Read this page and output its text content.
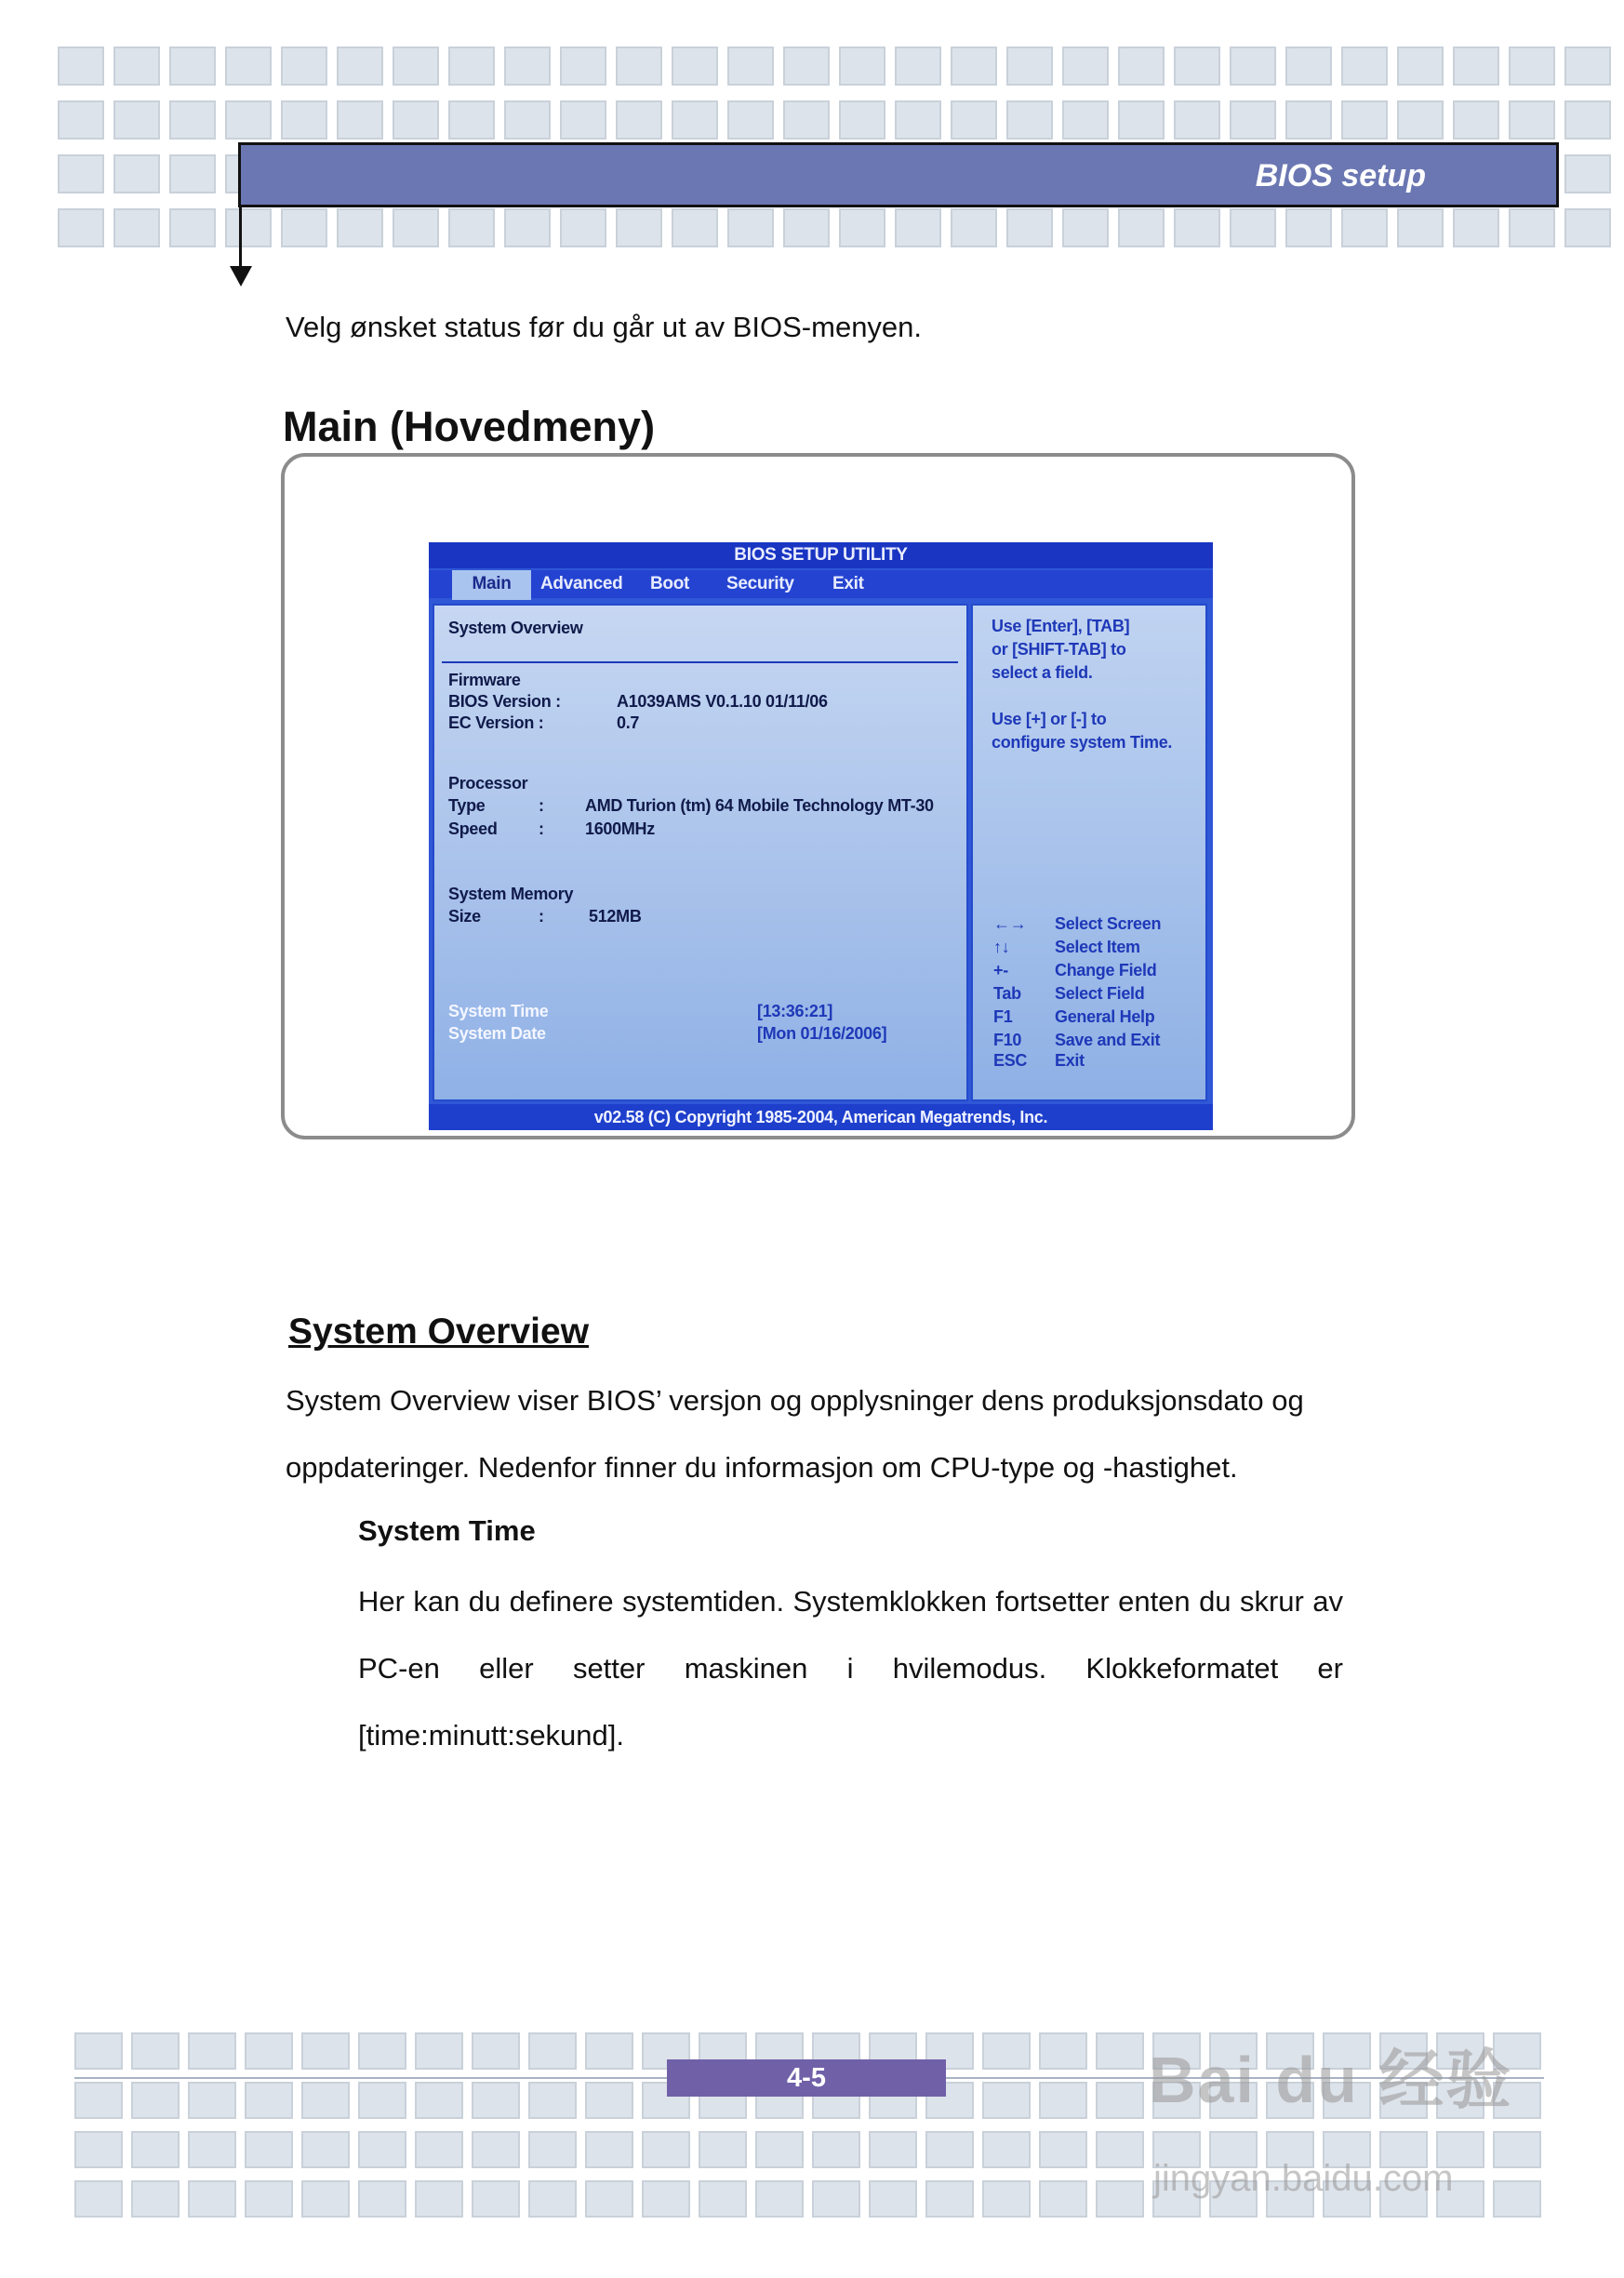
BIOS setup
Velg ønsket status før du går ut av BIOS-menyen.
Main (Hovedmeny)
BIOS SETUP UTILITY
Main	Advanced Boot Security Exit
System Overview
Firmware
BIOS Version :	A1039AMS V0.1.10 01/11/06
EC Version :	0.7
Processor
Type	: AMD Turion (tm) 64 Mobile Technology MT-30
Speed : 1600MHz
System Memory
Size	:	512MB
System Time	[13:36:21]
System Date	[Mon 01/16/2006]
Use [Enter], [TAB]
or [SHIFT-TAB] to
select a field.
Use [+] or [-] to
configure system Time.
←→ Select Screen
↑↓	Select Item
+-	Change Field
Tab Select Field
F1	General Help
F10 Save and Exit
ESC Exit
v02.58 (C) Copyright 1985-2004, American Megatrends, Inc.
System Overview
System Overview viser BIOS’ versjon og opplysninger dens produksjonsdato og oppdateringer. Nedenfor finner du informasjon om CPU-type og -hastighet.
System Time
Her kan du definere systemtiden. Systemklokken fortsetter enten du skrur av PC-en eller setter maskinen i hvilemodus. Klokkeformatet er [time:minutt:sekund].
4-5	Bai du 经验
jingyan.baidu.com
